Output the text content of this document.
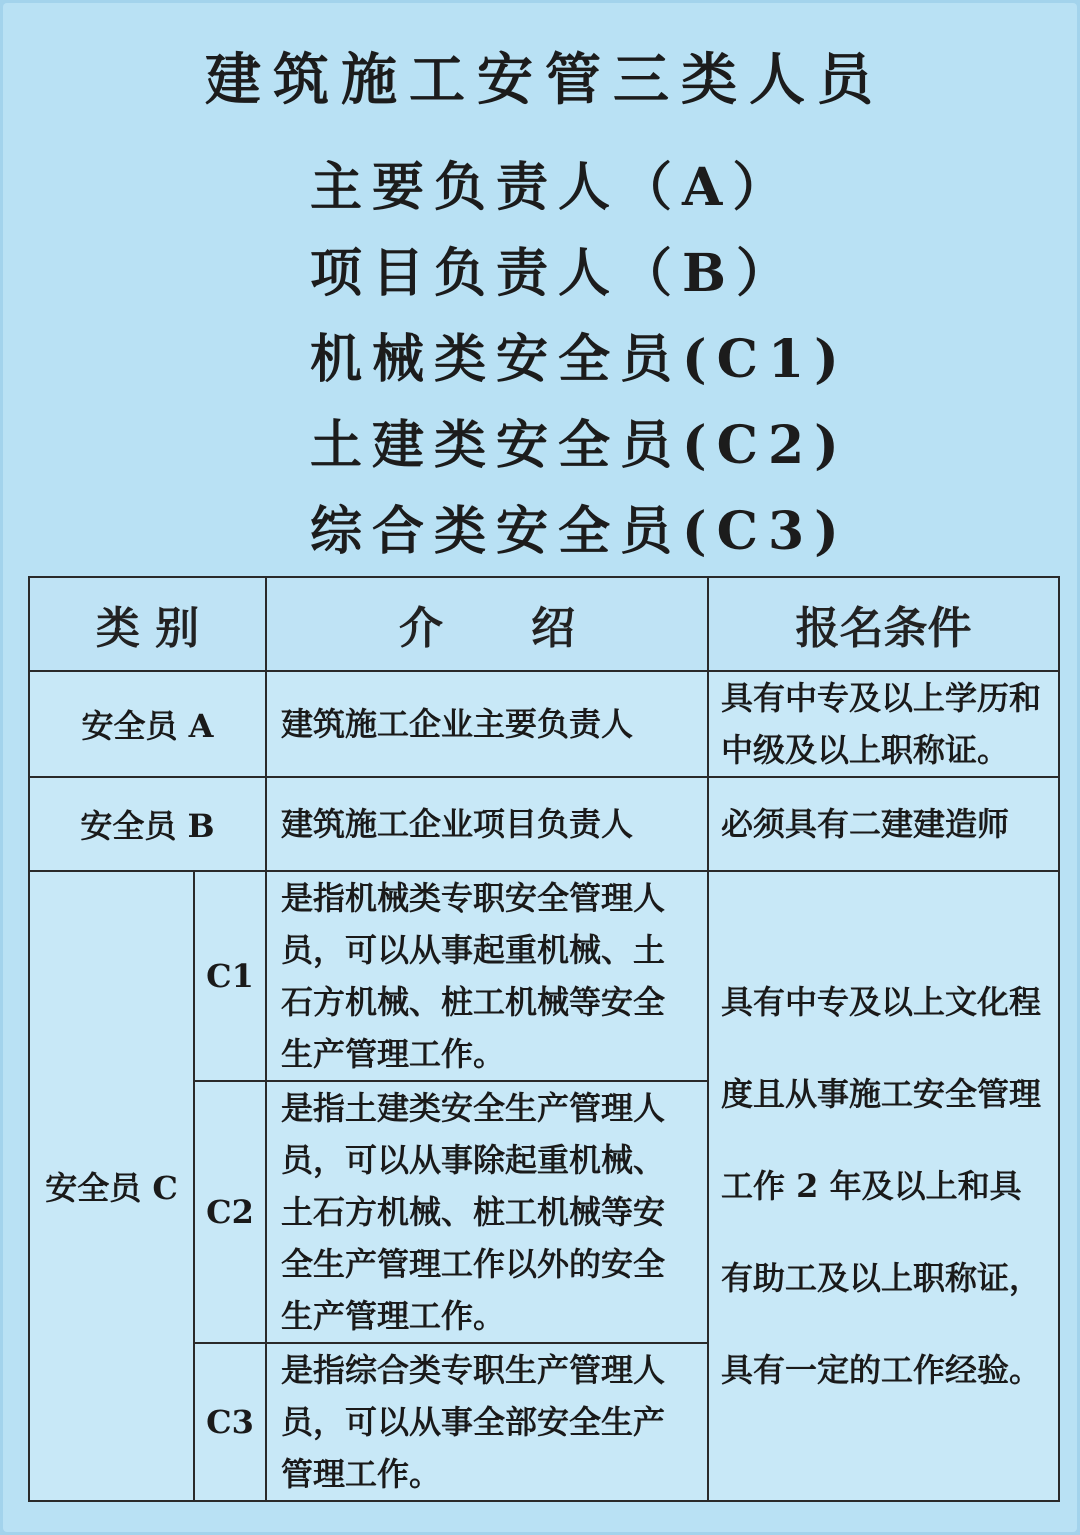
建筑施工安管三类人员
主要负责人（A）
项目负责人（B）
机械类安全员(C1)
土建类安全员(C2)
综合类安全员(C3)
类 别		介　　绍	报名条件
安全员 A		建筑施工企业主要负责人	具有中专及以上学历和中级及以上职称证。
安全员 B		建筑施工企业项目负责人	必须具有二建建造师
安全员 C	C1	是指机械类专职安全管理人员，可以从事起重机械、土石方机械、桩工机械等安全生产管理工作。	具有中专及以上文化程度且从事施工安全管理工作 2 年及以上和具有助工及以上职称证，具有一定的工作经验。
	C2	是指土建类安全生产管理人员，可以从事除起重机械、土石方机械、桩工机械等安全生产管理工作以外的安全生产管理工作。	
	C3	是指综合类专职生产管理人员，可以从事全部安全生产管理工作。	
